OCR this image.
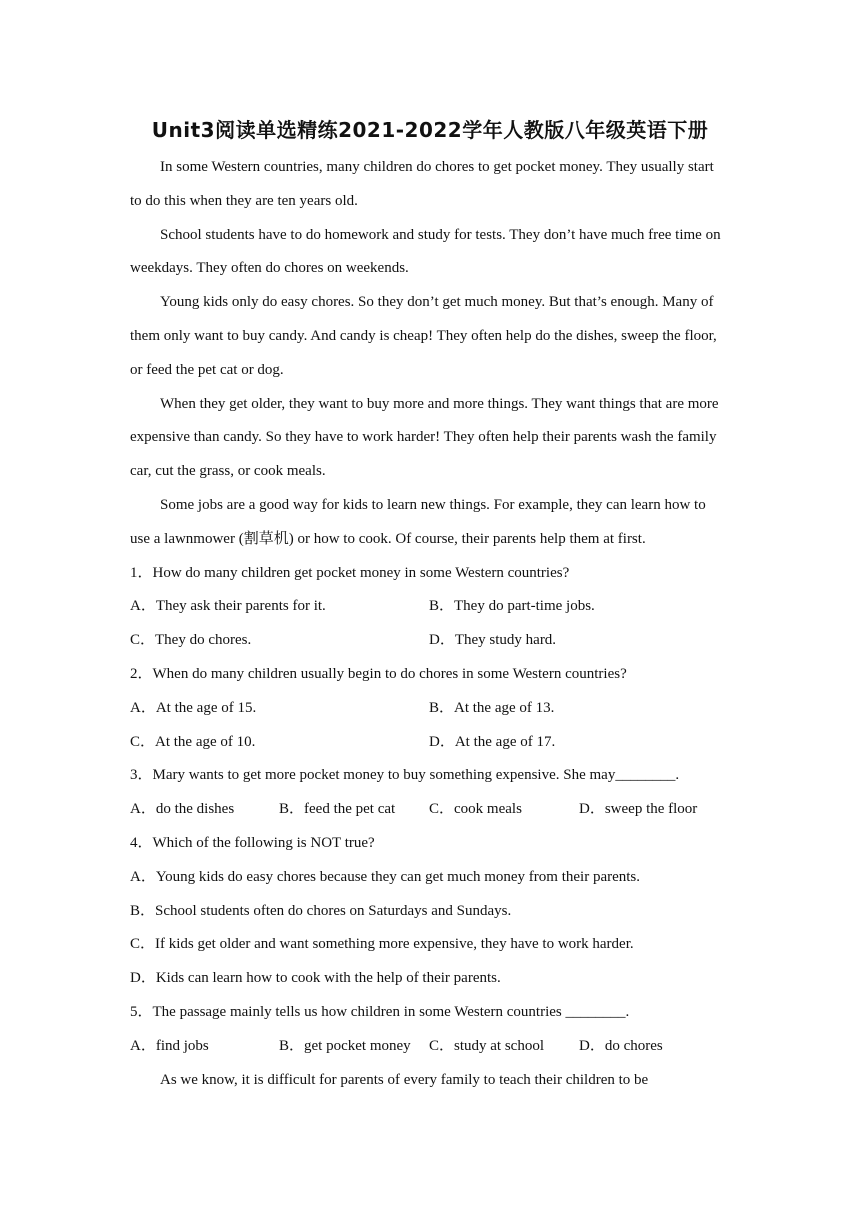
Unit3阅读单选精练2021-2022学年人教版八年级英语下册
In some Western countries, many children do chores to get pocket money. They usually start
to do this when they are ten years old.
School students have to do homework and study for tests. They don’t have much free time on
weekdays. They often do chores on weekends.
Young kids only do easy chores. So they don’t get much money. But that’s enough. Many of
them only want to buy candy. And candy is cheap! They often help do the dishes, sweep the floor,
or feed the pet cat or dog.
When they get older, they want to buy more and more things. They want things that are more
expensive than candy. So they have to work harder! They often help their parents wash the family
car, cut the grass, or cook meals.
Some jobs are a good way for kids to learn new things. For example, they can learn how to
use a lawnmower (割草机) or how to cook. Of course, their parents help them at first.
1．How do many children get pocket money in some Western countries?
A．They ask their parents for it.	B．They do part-time jobs.
C．They do chores.	D．They study hard.
2．When do many children usually begin to do chores in some Western countries?
A．At the age of 15.	B．At the age of 13.
C．At the age of 10.	D．At the age of 17.
3．Mary wants to get more pocket money to buy something expensive. She may________.
A．do the dishes	B．feed the pet cat C．cook meals	D．sweep the floor
4．Which of the following is NOT true?
A．Young kids do easy chores because they can get much money from their parents.
B．School students often do chores on Saturdays and Sundays.
C．If kids get older and want something more expensive, they have to work harder.
D．Kids can learn how to cook with the help of their parents.
5．The passage mainly tells us how children in some Western countries ________.
A．find jobs	B．get pocket money C．study at school D．do chores
As we know, it is difficult for parents of every family to teach their children to be
